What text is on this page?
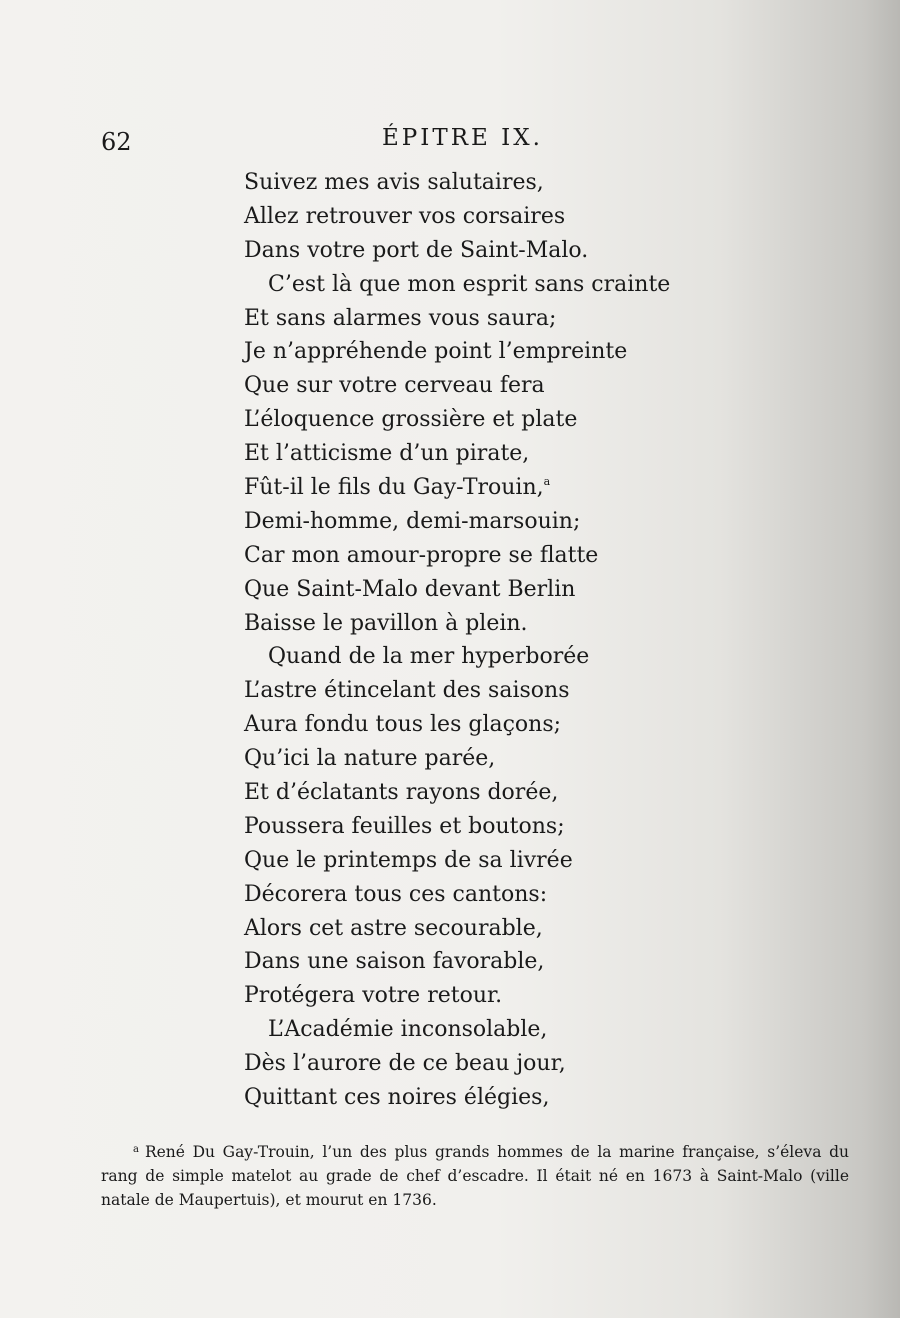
62	ÉPITRE IX.
Suivez mes avis salutaires,
Allez retrouver vos corsaires
Dans votre port de Saint-Malo.
C’est là que mon esprit sans crainte
Et sans alarmes vous saura;
Je n’appréhende point l’empreinte
Que sur votre cerveau fera
L’éloquence grossière et plate
Et l’atticisme d’un pirate,
Fût-il le fils du Gay-Trouin,$^a$
Demi-homme, demi-marsouin;
Car mon amour-propre se flatte
Que Saint-Malo devant Berlin
Baisse le pavillon à plein.
Quand de la mer hyperborée
L’astre étincelant des saisons
Aura fondu tous les glaçons;
Qu’ici la nature parée,
Et d’éclatants rayons dorée,
Poussera feuilles et boutons;
Que le printemps de sa livrée
Décorera tous ces cantons:
Alors cet astre secourable,
Dans une saison favorable,
Protégera votre retour.
L’Académie inconsolable,
Dès l’aurore de ce beau jour,
Quittant ces noires élégies,

$^a$ René Du Gay-Trouin, l’un des plus grands hommes de la marine française, s’éleva du rang de simple matelot au grade de chef d’escadre. Il était né en 1673 à Saint-Malo (ville natale de Maupertuis), et mourut en 1736.
